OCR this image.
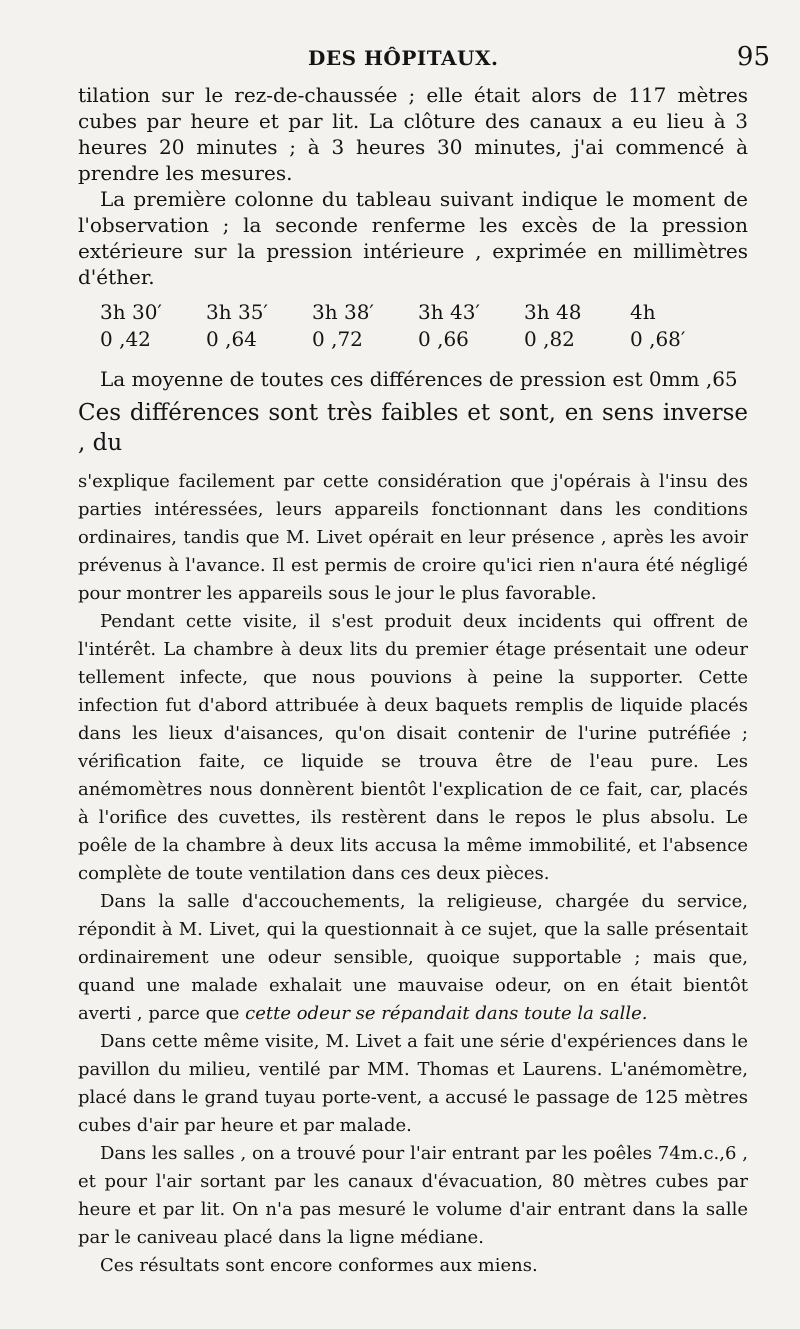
DES HÔPITAUX.	95

tilation sur le rez-de-chaussée ; elle était alors de 117 mètres cubes par heure et par lit. La clôture des canaux a eu lieu à 3 heures 20 minutes ; à 3 heures 30 minutes, j'ai commencé à prendre les mesures.

La première colonne du tableau suivant indique le moment de l'observation ; la seconde renferme les excès de la pression extérieure sur la pression intérieure , exprimée en millimètres d'éther.

3h 30′	3h 35′	3h 38′	3h 43′	3h 48	4h
0 ,42	0 ,64	0 ,72	0 ,66	0 ,82	0 ,68′

La moyenne de toutes ces différences de pression est 0mm ,65

Ces différences sont très faibles et sont, en sens inverse , du

s'explique facilement par cette considération que j'opérais à l'insu des parties intéressées, leurs appareils fonctionnant dans les conditions ordinaires, tandis que M. Livet opérait en leur présence , après les avoir prévenus à l'avance. Il est permis de croire qu'ici rien n'aura été négligé pour montrer les appareils sous le jour le plus favorable.

Pendant cette visite, il s'est produit deux incidents qui offrent de l'intérêt. La chambre à deux lits du premier étage présentait une odeur tellement infecte, que nous pouvions à peine la supporter. Cette infection fut d'abord attribuée à deux baquets remplis de liquide placés dans les lieux d'aisances, qu'on disait contenir de l'urine putréfiée ; vérification faite, ce liquide se trouva être de l'eau pure. Les anémomètres nous donnèrent bientôt l'explication de ce fait, car, placés à l'orifice des cuvettes, ils restèrent dans le repos le plus absolu. Le poêle de la chambre à deux lits accusa la même immobilité, et l'absence complète de toute ventilation dans ces deux pièces.

Dans la salle d'accouchements, la religieuse, chargée du service, répondit à M. Livet, qui la questionnait à ce sujet, que la salle présentait ordinairement une odeur sensible, quoique supportable ; mais que, quand une malade exhalait une mauvaise odeur, on en était bientôt averti , parce que cette odeur se répandait dans toute la salle.

Dans cette même visite, M. Livet a fait une série d'expériences dans le pavillon du milieu, ventilé par MM. Thomas et Laurens. L'anémomètre, placé dans le grand tuyau porte-vent, a accusé le passage de 125 mètres cubes d'air par heure et par malade.

Dans les salles , on a trouvé pour l'air entrant par les poêles 74m.c.,6 , et pour l'air sortant par les canaux d'évacuation, 80 mètres cubes par heure et par lit. On n'a pas mesuré le volume d'air entrant dans la salle par le caniveau placé dans la ligne médiane.

Ces résultats sont encore conformes aux miens.
